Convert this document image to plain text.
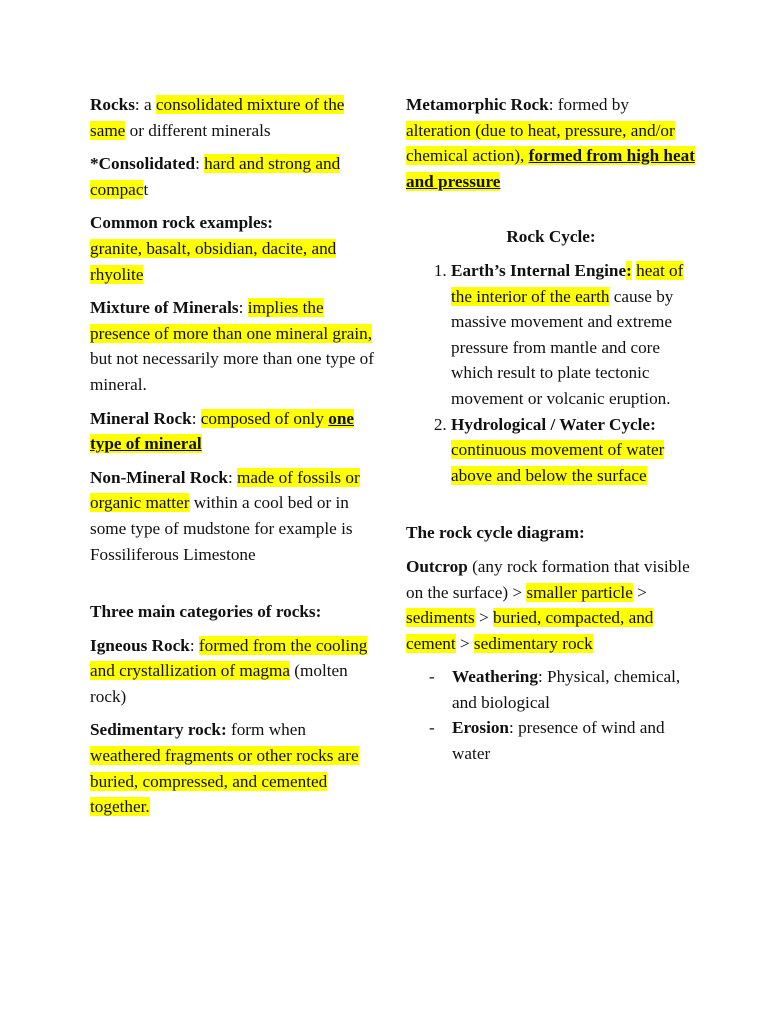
Rocks: a consolidated mixture of the same or different minerals

*Consolidated: hard and strong and compact

Common rock examples:
granite, basalt, obsidian, dacite, and rhyolite

Mixture of Minerals: implies the presence of more than one mineral grain, but not necessarily more than one type of mineral.

Mineral Rock: composed of only one type of mineral

Non-Mineral Rock: made of fossils or organic matter within a cool bed or in some type of mudstone for example is Fossiliferous Limestone

Three main categories of rocks:

Igneous Rock: formed from the cooling and crystallization of magma (molten rock)

Sedimentary rock: form when weathered fragments or other rocks are buried, compressed, and cemented together.

Metamorphic Rock: formed by alteration (due to heat, pressure, and/or chemical action), formed from high heat and pressure

Rock Cycle:

1. Earth’s Internal Engine: heat of the interior of the earth cause by massive movement and extreme pressure from mantle and core which result to plate tectonic movement or volcanic eruption.
2. Hydrological / Water Cycle: continuous movement of water above and below the surface

The rock cycle diagram:

Outcrop (any rock formation that visible on the surface) > smaller particle > sediments > buried, compacted, and cement > sedimentary rock

- Weathering: Physical, chemical, and biological
- Erosion: presence of wind and water
